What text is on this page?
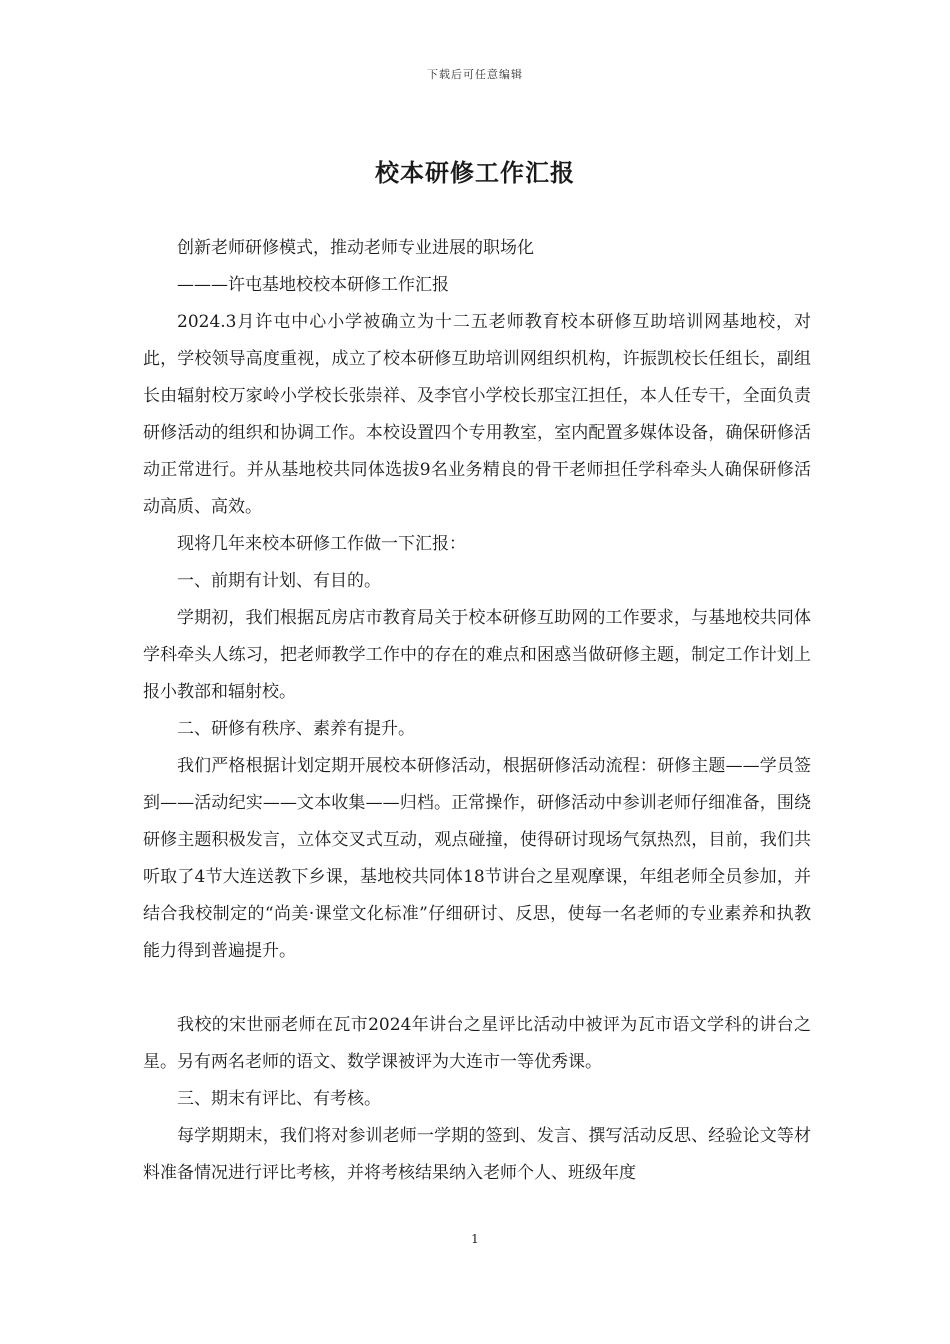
下载后可任意编辑
校本研修工作汇报

创新老师研修模式，推动老师专业进展的职场化

———许屯基地校校本研修工作汇报

2024.3月许屯中心小学被确立为十二五老师教育校本研修互助培训网基地校，对此，学校领导高度重视，成立了校本研修互助培训网组织机构，许振凯校长任组长，副组长由辐射校万家岭小学校长张崇祥、及李官小学校长那宝江担任，本人任专干，全面负责研修活动的组织和协调工作。本校设置四个专用教室，室内配置多媒体设备，确保研修活动正常进行。并从基地校共同体选拔9名业务精良的骨干老师担任学科牵头人确保研修活动高质、高效。

现将几年来校本研修工作做一下汇报：

一、前期有计划、有目的。

学期初，我们根据瓦房店市教育局关于校本研修互助网的工作要求，与基地校共同体学科牵头人练习，把老师教学工作中的存在的难点和困惑当做研修主题，制定工作计划上报小教部和辐射校。

二、研修有秩序、素养有提升。

我们严格根据计划定期开展校本研修活动，根据研修活动流程：研修主题——学员签到——活动纪实——文本收集——归档。正常操作，研修活动中参训老师仔细准备，围绕研修主题积极发言，立体交叉式互动，观点碰撞，使得研讨现场气氛热烈，目前，我们共听取了4节大连送教下乡课，基地校共同体18节讲台之星观摩课，年组老师全员参加，并结合我校制定的“尚美·课堂文化标准”仔细研讨、反思，使每一名老师的专业素养和执教能力得到普遍提升。

我校的宋世丽老师在瓦市2024年讲台之星评比活动中被评为瓦市语文学科的讲台之星。另有两名老师的语文、数学课被评为大连市一等优秀课。

三、期末有评比、有考核。

每学期期末，我们将对参训老师一学期的签到、发言、撰写活动反思、经验论文等材料准备情况进行评比考核，并将考核结果纳入老师个人、班级年度

1
